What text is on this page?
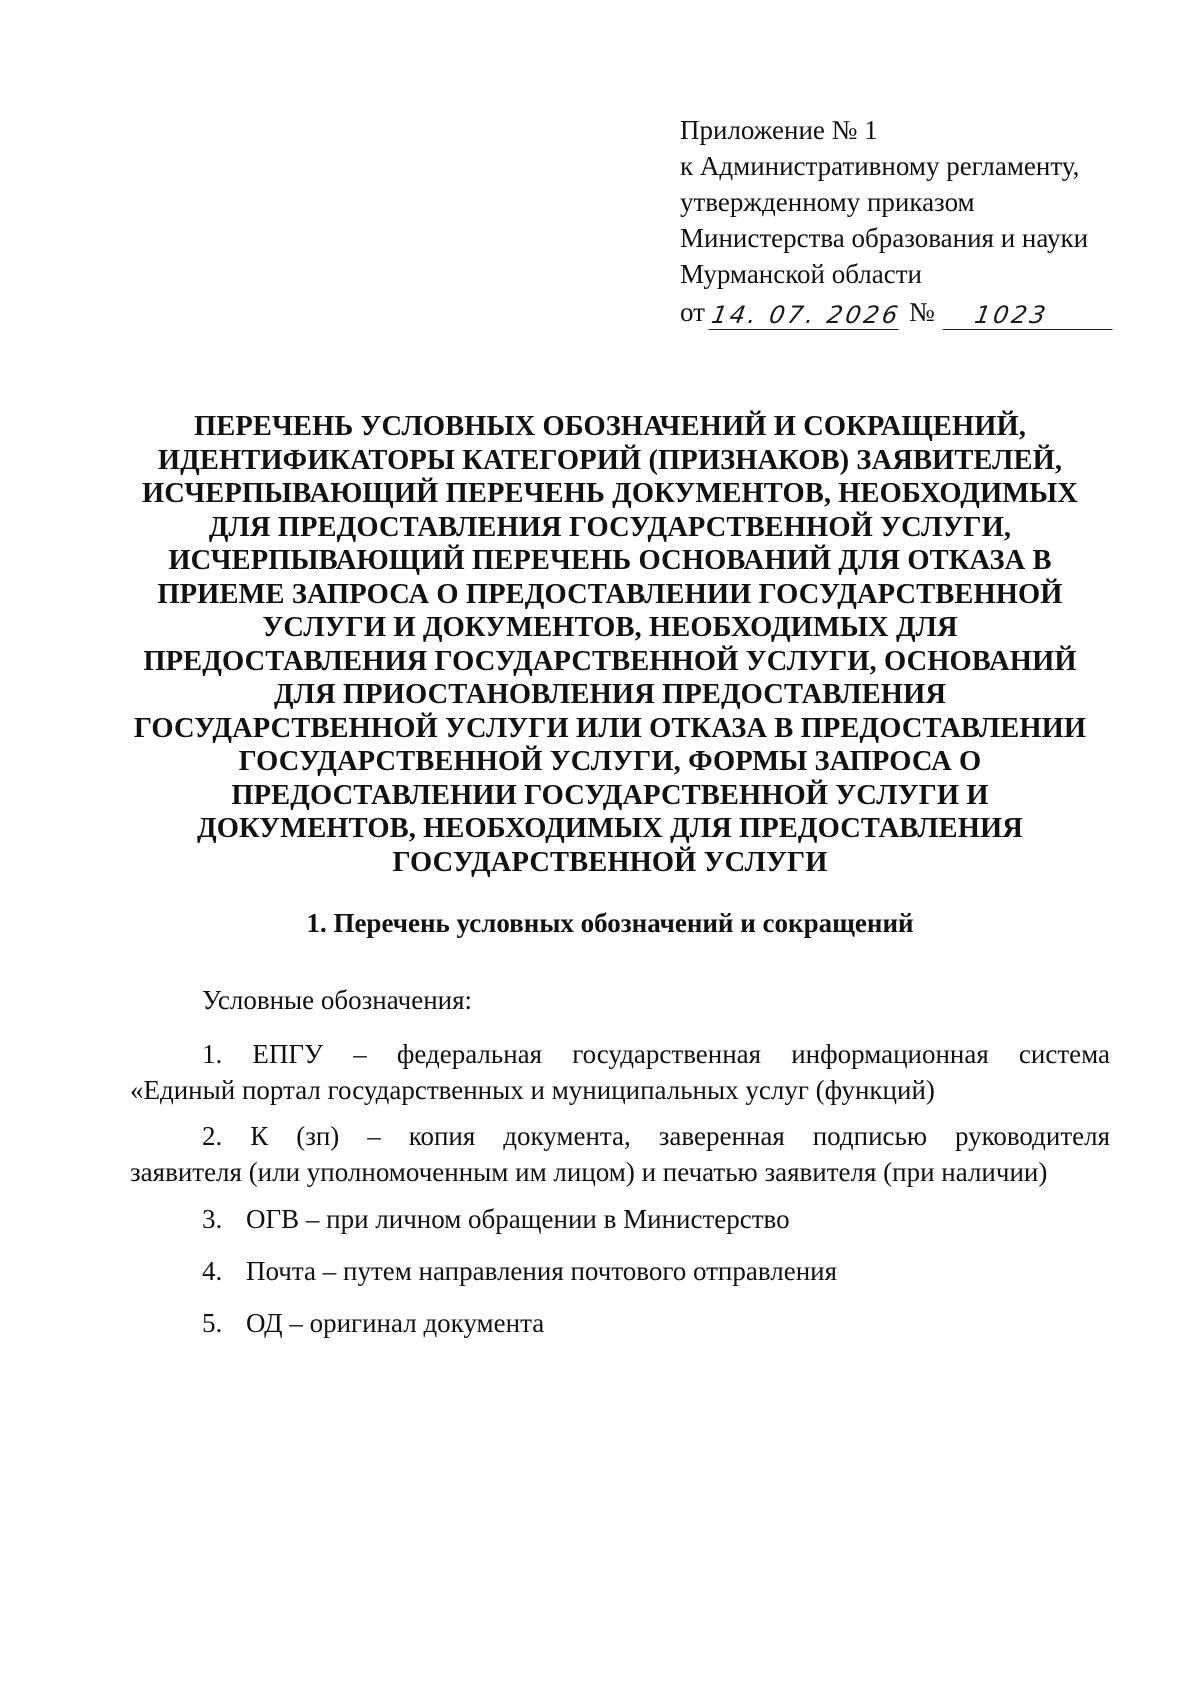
Приложение № 1
к Административному регламенту,
утвержденному приказом
Министерства образования и науки
Мурманской области
от 14. 07. 2026 №	1023
ПЕРЕЧЕНЬ УСЛОВНЫХ ОБОЗНАЧЕНИЙ И СОКРАЩЕНИЙ,
ИДЕНТИФИКАТОРЫ КАТЕГОРИЙ (ПРИЗНАКОВ) ЗАЯВИТЕЛЕЙ,
ИСЧЕРПЫВАЮЩИЙ ПЕРЕЧЕНЬ ДОКУМЕНТОВ, НЕОБХОДИМЫХ
ДЛЯ ПРЕДОСТАВЛЕНИЯ ГОСУДАРСТВЕННОЙ УСЛУГИ,
ИСЧЕРПЫВАЮЩИЙ ПЕРЕЧЕНЬ ОСНОВАНИЙ ДЛЯ ОТКАЗА В
ПРИЕМЕ ЗАПРОСА О ПРЕДОСТАВЛЕНИИ ГОСУДАРСТВЕННОЙ
УСЛУГИ И ДОКУМЕНТОВ, НЕОБХОДИМЫХ ДЛЯ
ПРЕДОСТАВЛЕНИЯ ГОСУДАРСТВЕННОЙ УСЛУГИ, ОСНОВАНИЙ
ДЛЯ ПРИОСТАНОВЛЕНИЯ ПРЕДОСТАВЛЕНИЯ
ГОСУДАРСТВЕННОЙ УСЛУГИ ИЛИ ОТКАЗА В ПРЕДОСТАВЛЕНИИ
ГОСУДАРСТВЕННОЙ УСЛУГИ, ФОРМЫ ЗАПРОСА О
ПРЕДОСТАВЛЕНИИ ГОСУДАРСТВЕННОЙ УСЛУГИ И
ДОКУМЕНТОВ, НЕОБХОДИМЫХ ДЛЯ ПРЕДОСТАВЛЕНИЯ
ГОСУДАРСТВЕННОЙ УСЛУГИ
1. Перечень условных обозначений и сокращений
Условные обозначения:
1. ЕПГУ – федеральная государственная информационная система
«Единый портал государственных и муниципальных услуг (функций)
2. К (зп) – копия документа, заверенная подписью руководителя
заявителя (или уполномоченным им лицом) и печатью заявителя (при наличии)
3. ОГВ – при личном обращении в Министерство
4. Почта – путем направления почтового отправления
5. ОД – оригинал документа
